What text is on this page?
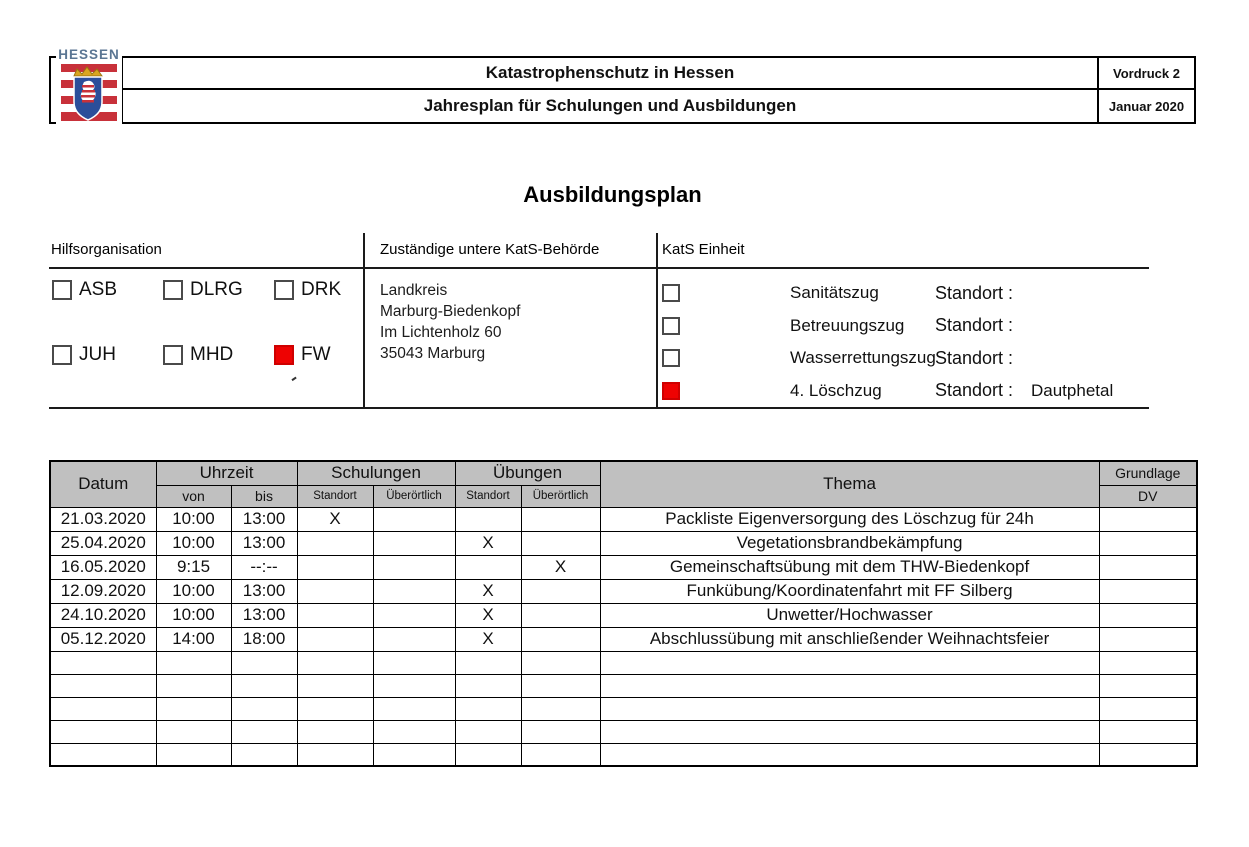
Katastrophenschutz in Hessen	Vordruck 2
Jahresplan für Schulungen und Ausbildungen	Januar 2020
HESSEN
Ausbildungsplan
Hilfsorganisation	Zuständige untere KatS-Behörde	KatS Einheit
ASB	DLRG	DRK
JUH	MHD	FW
Landkreis
Marburg-Biedenkopf
Im Lichtenholz 60
35043 Marburg
Sanitätszug	Standort :
Betreuungszug	Standort :
Wasserrettungszug Standort :
4. Löschzug	Standort :	Dautphetal
Datum	Uhrzeit		Schulungen		Übungen		Thema	Grundlage
	von	bis	Standort	Überörtlich	Standort	Überörtlich		DV
21.03.2020	10:00	13:00	X				Packliste Eigenversorgung des Löschzug für 24h	
25.04.2020	10:00	13:00			X		Vegetationsbrandbekämpfung	
16.05.2020	9:15	--:--				X	Gemeinschaftsübung mit dem THW-Biedenkopf	
12.09.2020	10:00	13:00			X		Funkübung/Koordinatenfahrt mit FF Silberg	
24.10.2020	10:00	13:00			X		Unwetter/Hochwasser	
05.12.2020	14:00	18:00			X		Abschlussübung mit anschließender Weihnachtsfeier	
